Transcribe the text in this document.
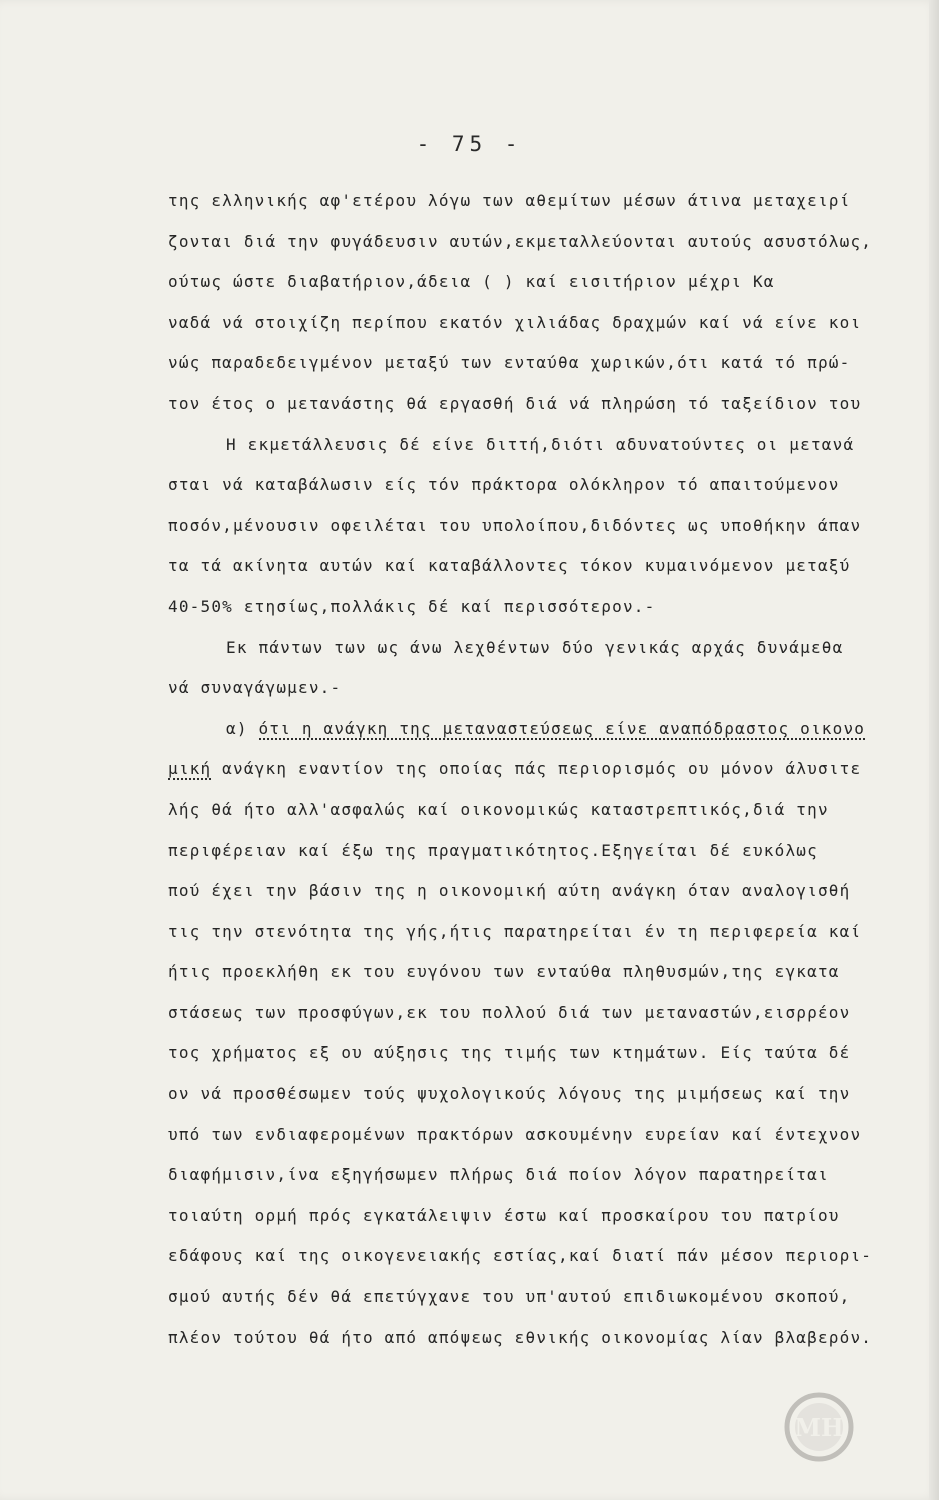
- 75 -
της ελληνικής αφ'ετέρου λόγω των αθεμίτων μέσων άτινα μεταχειρί
ζονται διά την φυγάδευσιν αυτών,εκμεταλλεύονται αυτούς ασυστόλως,
ούτως ώστε διαβατήριον,άδεια ( ) καί εισιτήριον μέχρι Κα
ναδά νά στοιχίζη περίπου εκατόν χιλιάδας δραχμών καί νά είνε κοι
νώς παραδεδειγμένον μεταξύ των ενταύθα χωρικών,ότι κατά τό πρώ-
τον έτος ο μετανάστης θά εργασθή διά νά πληρώση τό ταξείδιον του
Η εκμετάλλευσις δέ είνε διττή,διότι αδυνατούντες οι μετανά
σται νά καταβάλωσιν είς τόν πράκτορα ολόκληρον τό απαιτούμενον
ποσόν,μένουσιν οφειλέται του υπολοίπου,διδόντες ως υποθήκην άπαν
τα τά ακίνητα αυτών καί καταβάλλοντες τόκον κυμαινόμενον μεταξύ
40-50% ετησίως,πολλάκις δέ καί περισσότερον.-
Εκ πάντων των ως άνω λεχθέντων δύο γενικάς αρχάς δυνάμεθα
νά συναγάγωμεν.-
α) ότι η ανάγκη της μεταναστεύσεως είνε αναπόδραστος οικονο
μική ανάγκη εναντίον της οποίας πάς περιορισμός ου μόνον άλυσιτε
λής θά ήτο αλλ'ασφαλώς καί οικονομικώς καταστρεπτικός,διά την
περιφέρειαν καί έξω της πραγματικότητος.Εξηγείται δέ ευκόλως
πού έχει την βάσιν της η οικονομική αύτη ανάγκη όταν αναλογισθή
τις την στενότητα της γής,ήτις παρατηρείται έν τη περιφερεία καί
ήτις προεκλήθη εκ του ευγόνου των ενταύθα πληθυσμών,της εγκατα
στάσεως των προσφύγων,εκ του πολλού διά των μεταναστών,εισρρέον
τος χρήματος εξ ου αύξησις της τιμής των κτημάτων. Είς ταύτα δέ
ον νά προσθέσωμεν τούς ψυχολογικούς λόγους της μιμήσεως καί την
υπό των ενδιαφερομένων πρακτόρων ασκουμένην ευρείαν καί έντεχνον
διαφήμισιν,ίνα εξηγήσωμεν πλήρως διά ποίον λόγον παρατηρείται
τοιαύτη ορμή πρός εγκατάλειψιν έστω καί προσκαίρου του πατρίου
εδάφους καί της οικογενειακής εστίας,καί διατί πάν μέσον περιορι-
σμού αυτής δέν θά επετύγχανε του υπ'αυτού επιδιωκομένου σκοπού,
πλέον τούτου θά ήτο από απόψεως εθνικής οικονομίας λίαν βλαβερόν.
ΜΗ
